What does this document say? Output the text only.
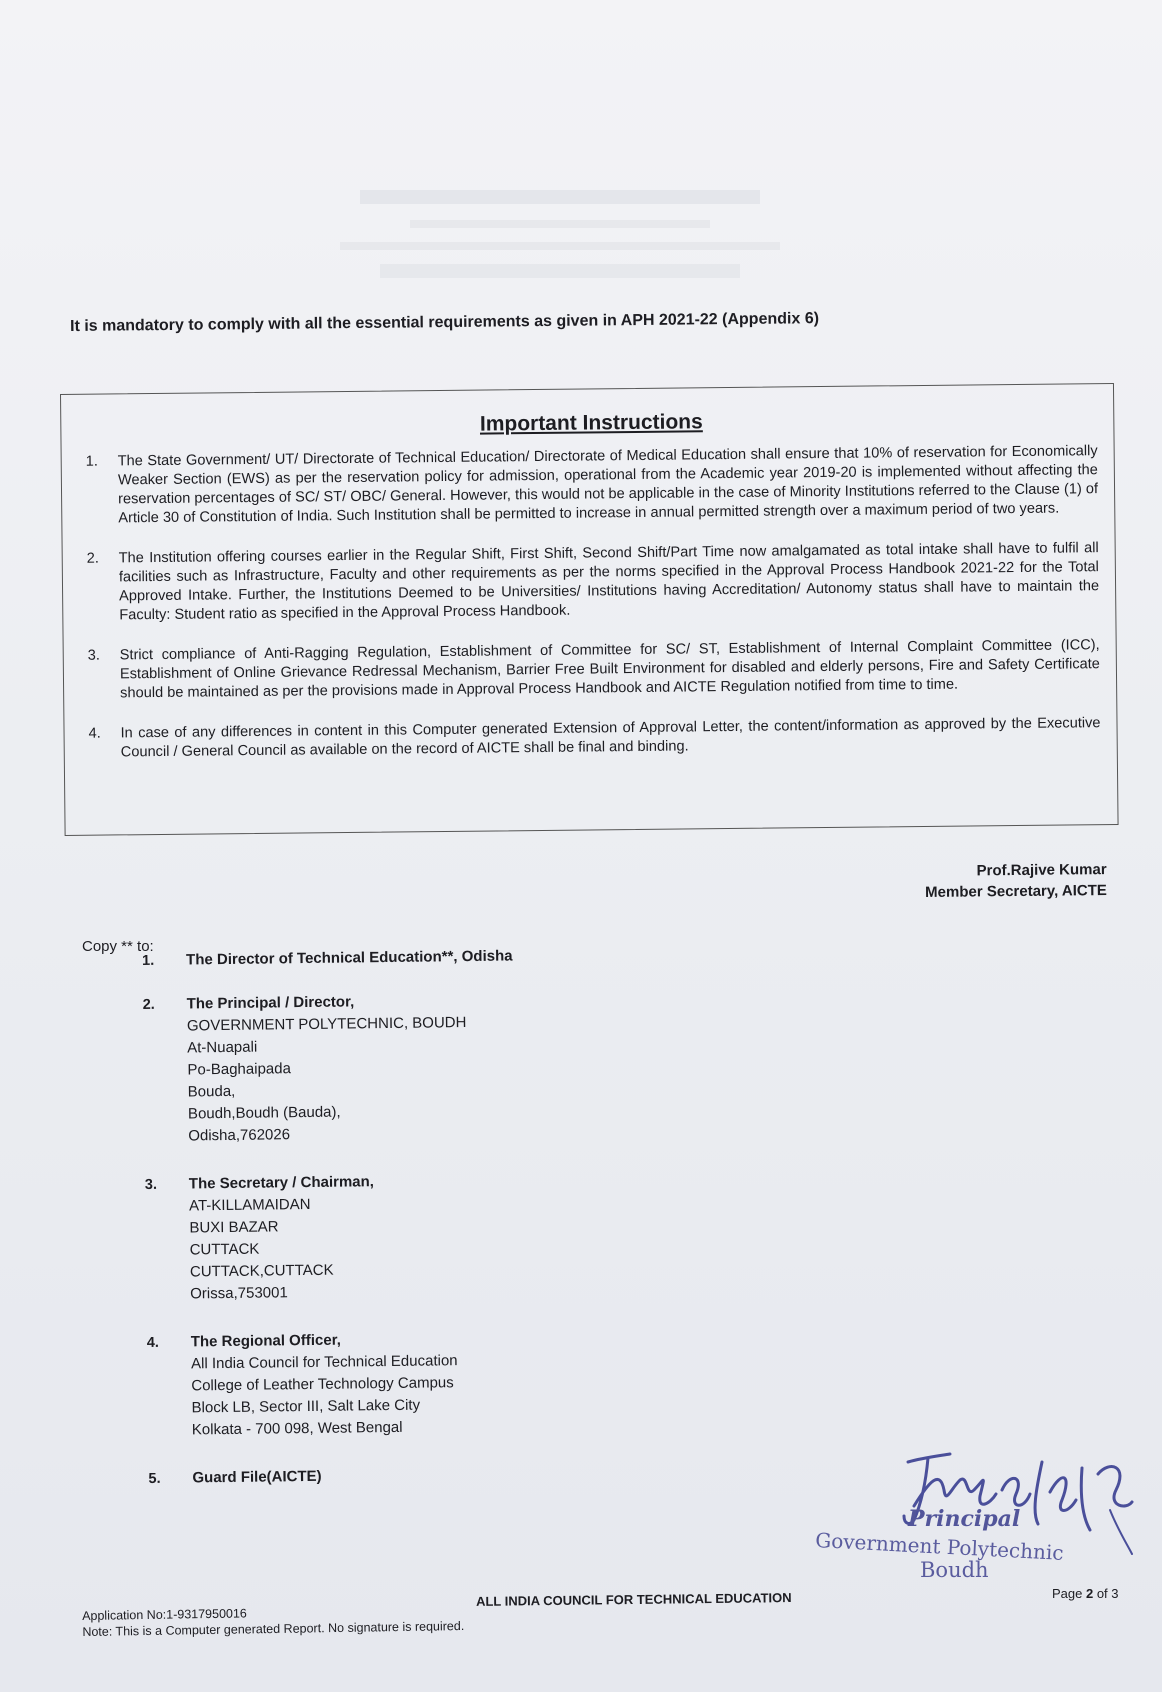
It is mandatory to comply with all the essential requirements as given in APH 2021-22 (Appendix 6)
Important Instructions
1.	The State Government/ UT/ Directorate of Technical Education/ Directorate of Medical Education shall ensure that 10% of reservation for Economically Weaker Section (EWS) as per the reservation policy for admission, operational from the Academic year 2019-20 is implemented without affecting the reservation percentages of SC/ ST/ OBC/ General. However, this would not be applicable in the case of Minority Institutions referred to the Clause (1) of Article 30 of Constitution of India. Such Institution shall be permitted to increase in annual permitted strength over a maximum period of two years.
2.	The Institution offering courses earlier in the Regular Shift, First Shift, Second Shift/Part Time now amalgamated as total intake shall have to fulfil all facilities such as Infrastructure, Faculty and other requirements as per the norms specified in the Approval Process Handbook 2021-22 for the Total Approved Intake. Further, the Institutions Deemed to be Universities/ Institutions having Accreditation/ Autonomy status shall have to maintain the Faculty: Student ratio as specified in the Approval Process Handbook.
3.	Strict compliance of Anti-Ragging Regulation, Establishment of Committee for SC/ ST, Establishment of Internal Complaint Committee (ICC), Establishment of Online Grievance Redressal Mechanism, Barrier Free Built Environment for disabled and elderly persons, Fire and Safety Certificate should be maintained as per the provisions made in Approval Process Handbook and AICTE Regulation notified from time to time.
4.	In case of any differences in content in this Computer generated Extension of Approval Letter, the content/information as approved by the Executive Council / General Council as available on the record of AICTE shall be final and binding.
Prof.Rajive Kumar
Member Secretary, AICTE
Copy ** to:
1.	The Director of Technical Education**, Odisha
2.	The Principal / Director,
GOVERNMENT POLYTECHNIC, BOUDH
At-Nuapali
Po-Baghaipada
Bouda,
Boudh,Boudh (Bauda),
Odisha,762026
3.	The Secretary / Chairman,
AT-KILLAMAIDAN
BUXI BAZAR
CUTTACK
CUTTACK,CUTTACK
Orissa,753001
4.	The Regional Officer,
All India Council for Technical Education
College of Leather Technology Campus
Block LB, Sector III, Salt Lake City
Kolkata - 700 098, West Bengal
5.	Guard File(AICTE)
Principal
Government Polytechnic
Boudh
ALL INDIA COUNCIL FOR TECHNICAL EDUCATION	Page 2 of 3
Application No:1-9317950016
Note: This is a Computer generated Report. No signature is required.
